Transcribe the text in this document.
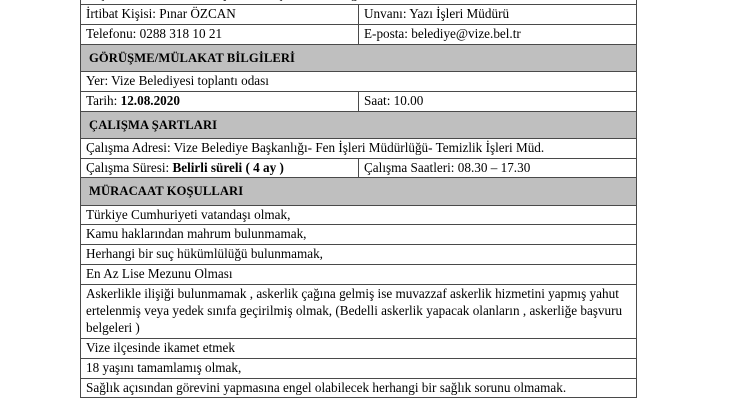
İrtibat Kişisi: Pınar ÖZCAN	Unvanı: Yazı İşleri Müdürü
Telefonu: 0288 318 10 21	E-posta: belediye@vize.bel.tr
GÖRÜŞME/MÜLAKAT BİLGİLERİ	
Yer: Vize Belediyesi toplantı odası	
Tarih: 12.08.2020	Saat: 10.00
ÇALIŞMA ŞARTLARI	
Çalışma Adresi: Vize Belediye Başkanlığı- Fen İşleri Müdürlüğü- Temizlik İşleri Müd.	
Çalışma Süresi: Belirli süreli ( 4 ay )	Çalışma Saatleri: 08.30 – 17.30
MÜRACAAT KOŞULLARI	
Türkiye Cumhuriyeti vatandaşı olmak,	
Kamu haklarından mahrum bulunmamak,	
Herhangi bir suç hükümlülüğü bulunmamak,	
En Az Lise Mezunu Olması	
Askerlikle ilişiği bulunmamak , askerlik çağına gelmiş ise muvazzaf askerlik hizmetini yapmış yahut ertelenmiş veya yedek sınıfa geçirilmiş olmak, (Bedelli askerlik yapacak olanların , askerliğe başvuru belgeleri )	
Vize ilçesinde ikamet etmek	
18 yaşını tamamlamış olmak,	
Sağlık açısından görevini yapmasına engel olabilecek herhangi bir sağlık sorunu olmamak.	
